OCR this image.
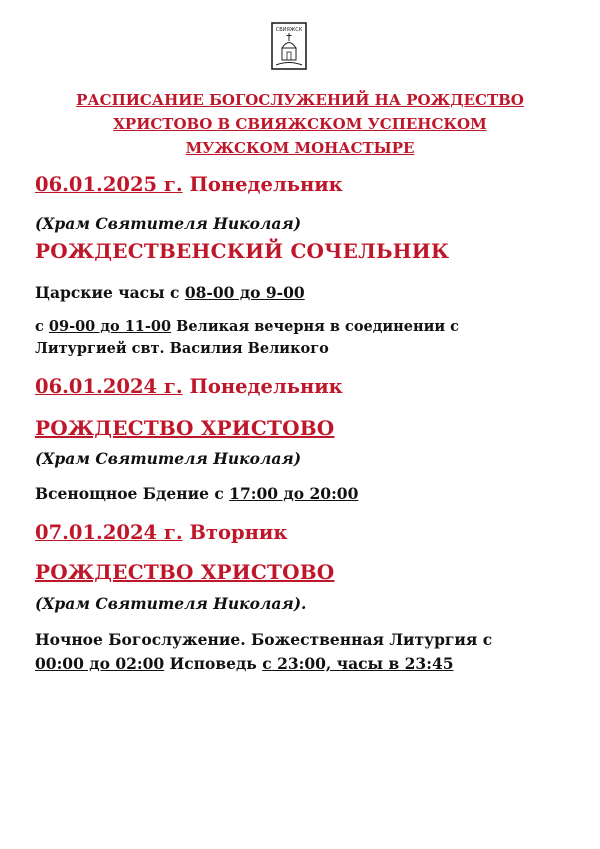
СВИЯЖСК
РАСПИСАНИЕ БОГОСЛУЖЕНИЙ НА РОЖДЕСТВО
ХРИСТОВО В СВИЯЖСКОМ УСПЕНСКОМ
МУЖСКОМ МОНАСТЫРЕ
06.01.2025 г. Понедельник
(Храм Святителя Николая)
РОЖДЕСТВЕНСКИЙ СОЧЕЛЬНИК
Царские часы с 08-00 до 9-00
с 09-00 до 11-00 Великая вечерня в соединении с
Литургией свт. Василия Великого
06.01.2024 г. Понедельник
РОЖДЕСТВО ХРИСТОВО
(Храм Святителя Николая)
Всенощное Бдение с 17:00 до 20:00
07.01.2024 г. Вторник
РОЖДЕСТВО ХРИСТОВО
(Храм Святителя Николая).
Ночное Богослужение. Божественная Литургия с
00:00 до 02:00 Исповедь с 23:00, часы в 23:45
